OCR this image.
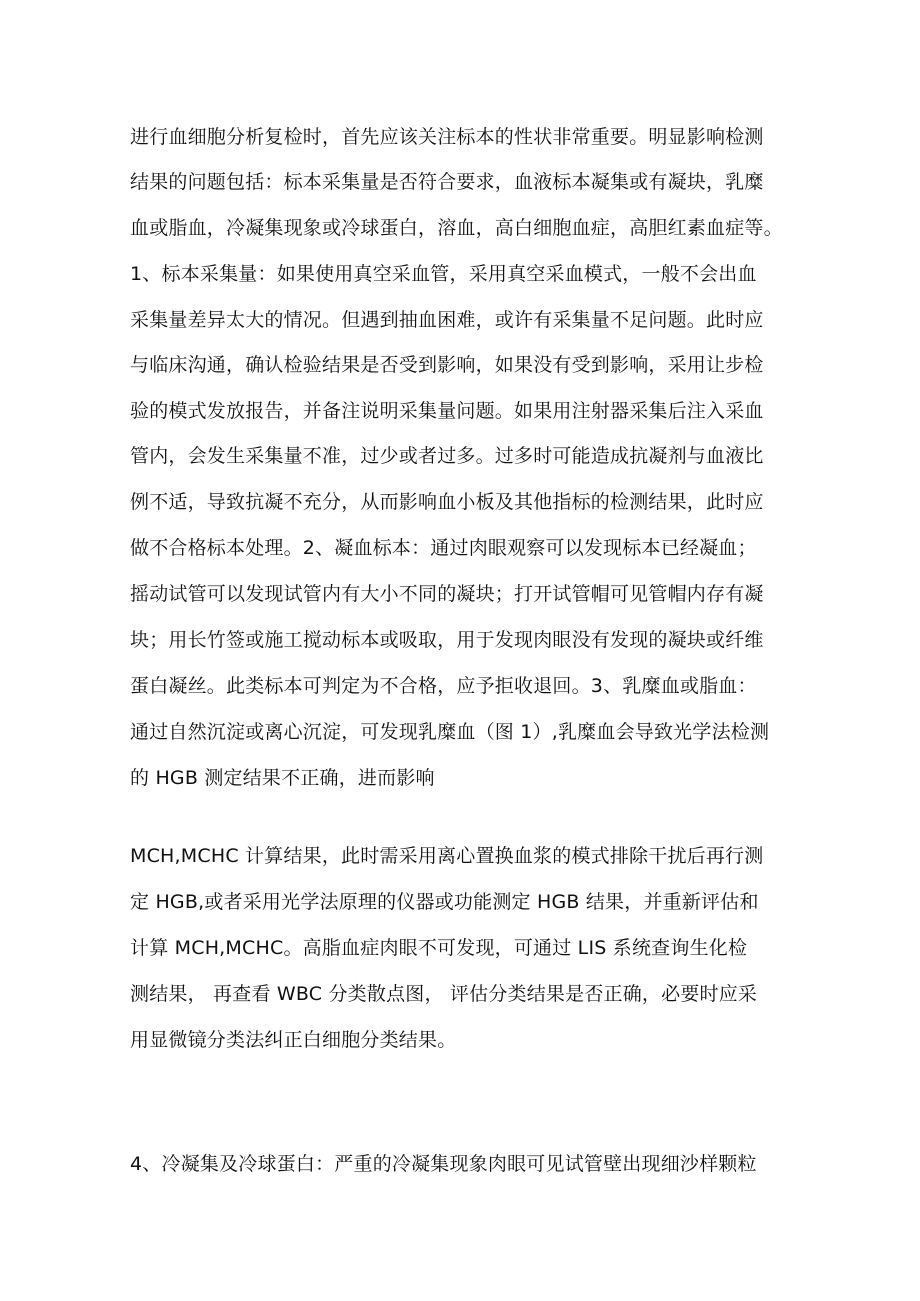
进行血细胞分析复检时，首先应该关注标本的性状非常重要。明显影响检测
结果的问题包括：标本采集量是否符合要求，血液标本凝集或有凝块，乳糜
血或脂血，冷凝集现象或冷球蛋白，溶血，高白细胞血症，高胆红素血症等。
1、标本采集量：如果使用真空采血管，采用真空采血模式，一般不会出血
采集量差异太大的情况。但遇到抽血困难，或许有采集量不足问题。此时应
与临床沟通，确认检验结果是否受到影响，如果没有受到影响，采用让步检
验的模式发放报告，并备注说明采集量问题。如果用注射器采集后注入采血
管内，会发生采集量不准，过少或者过多。过多时可能造成抗凝剂与血液比
例不适，导致抗凝不充分，从而影响血小板及其他指标的检测结果，此时应
做不合格标本处理。2、凝血标本：通过肉眼观察可以发现标本已经凝血；
摇动试管可以发现试管内有大小不同的凝块；打开试管帽可见管帽内存有凝
块；用长竹签或施工搅动标本或吸取，用于发现肉眼没有发现的凝块或纤维
蛋白凝丝。此类标本可判定为不合格，应予拒收退回。3、乳糜血或脂血：
通过自然沉淀或离心沉淀，可发现乳糜血（图 1）,乳糜血会导致光学法检测
的 HGB 测定结果不正确，进而影响
MCH,MCHC 计算结果，此时需采用离心置换血浆的模式排除干扰后再行测
定 HGB,或者采用光学法原理的仪器或功能测定 HGB 结果，并重新评估和
计算 MCH,MCHC。高脂血症肉眼不可发现，可通过 LIS 系统查询生化检
测结果， 再查看 WBC 分类散点图， 评估分类结果是否正确，必要时应采
用显微镜分类法纠正白细胞分类结果。
4、冷凝集及冷球蛋白：严重的冷凝集现象肉眼可见试管壁出现细沙样颗粒
